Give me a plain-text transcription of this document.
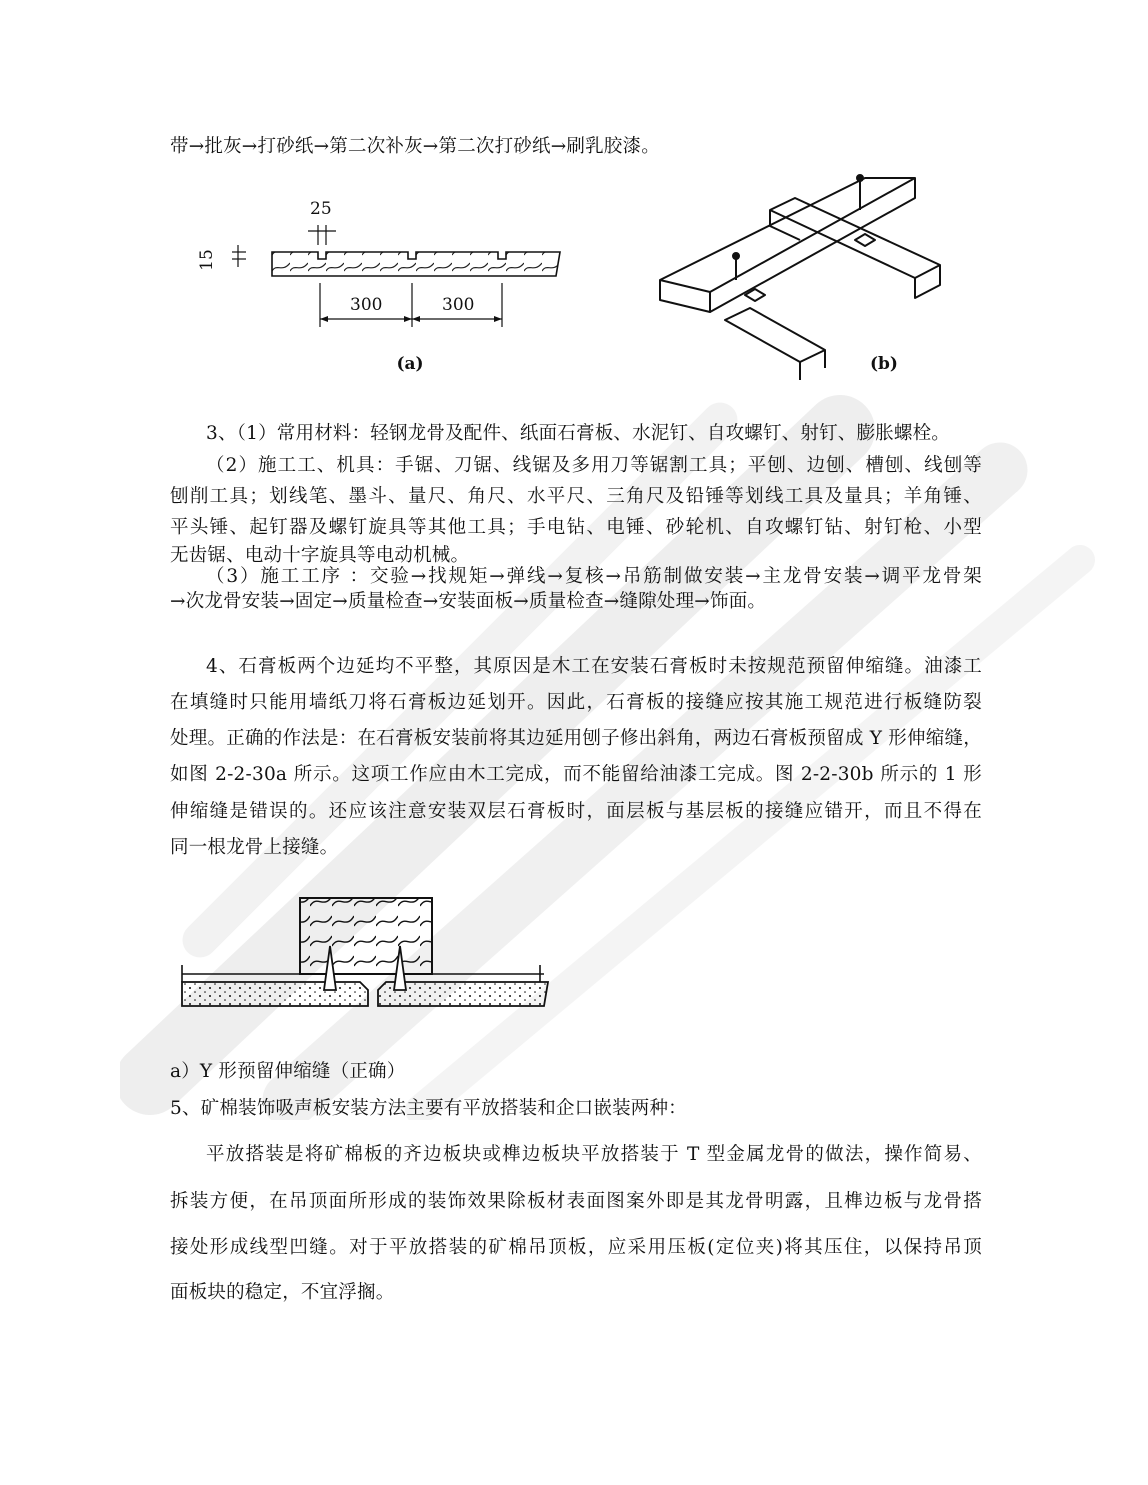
带→批灰→打砂纸→第二次补灰→第二次打砂纸→刷乳胶漆。
25
15
300	300
(a)	(b)
3、（1）常用材料：轻钢龙骨及配件、纸面石膏板、水泥钉、自攻螺钉、射钉、膨胀螺栓。
（2）施工工、机具：手锯、刀锯、线锯及多用刀等锯割工具；平刨、边刨、槽刨、线刨等
刨削工具；划线笔、墨斗、量尺、角尺、水平尺、三角尺及铅锤等划线工具及量具；羊角锤、
平头锤、起钉器及螺钉旋具等其他工具；手电钻、电锤、砂轮机、自攻螺钉钻、射钉枪、小型
无齿锯、电动十字旋具等电动机械。
（3）施工工序 ：交验→找规矩→弹线→复核→吊筋制做安装→主龙骨安装→调平龙骨架
→次龙骨安装→固定→质量检查→安装面板→质量检查→缝隙处理→饰面。
4、石膏板两个边延均不平整，其原因是木工在安装石膏板时未按规范预留伸缩缝。油漆工
在填缝时只能用墙纸刀将石膏板边延划开。因此，石膏板的接缝应按其施工规范进行板缝防裂
处理。正确的作法是：在石膏板安装前将其边延用刨子修出斜角，两边石膏板预留成 Y 形伸缩缝，
如图 2-2-30a 所示。这项工作应由木工完成，而不能留给油漆工完成。图 2-2-30b 所示的 1 形
伸缩缝是错误的。还应该注意安装双层石膏板时，面层板与基层板的接缝应错开，而且不得在
同一根龙骨上接缝。
a）Y 形预留伸缩缝（正确）
5、矿棉装饰吸声板安装方法主要有平放搭装和企口嵌装两种：
平放搭装是将矿棉板的齐边板块或榫边板块平放搭装于 T 型金属龙骨的做法，操作简易、
拆装方便，在吊顶面所形成的装饰效果除板材表面图案外即是其龙骨明露，且榫边板与龙骨搭
接处形成线型凹缝。对于平放搭装的矿棉吊顶板，应采用压板(定位夹)将其压住，以保持吊顶
面板块的稳定，不宜浮搁。
